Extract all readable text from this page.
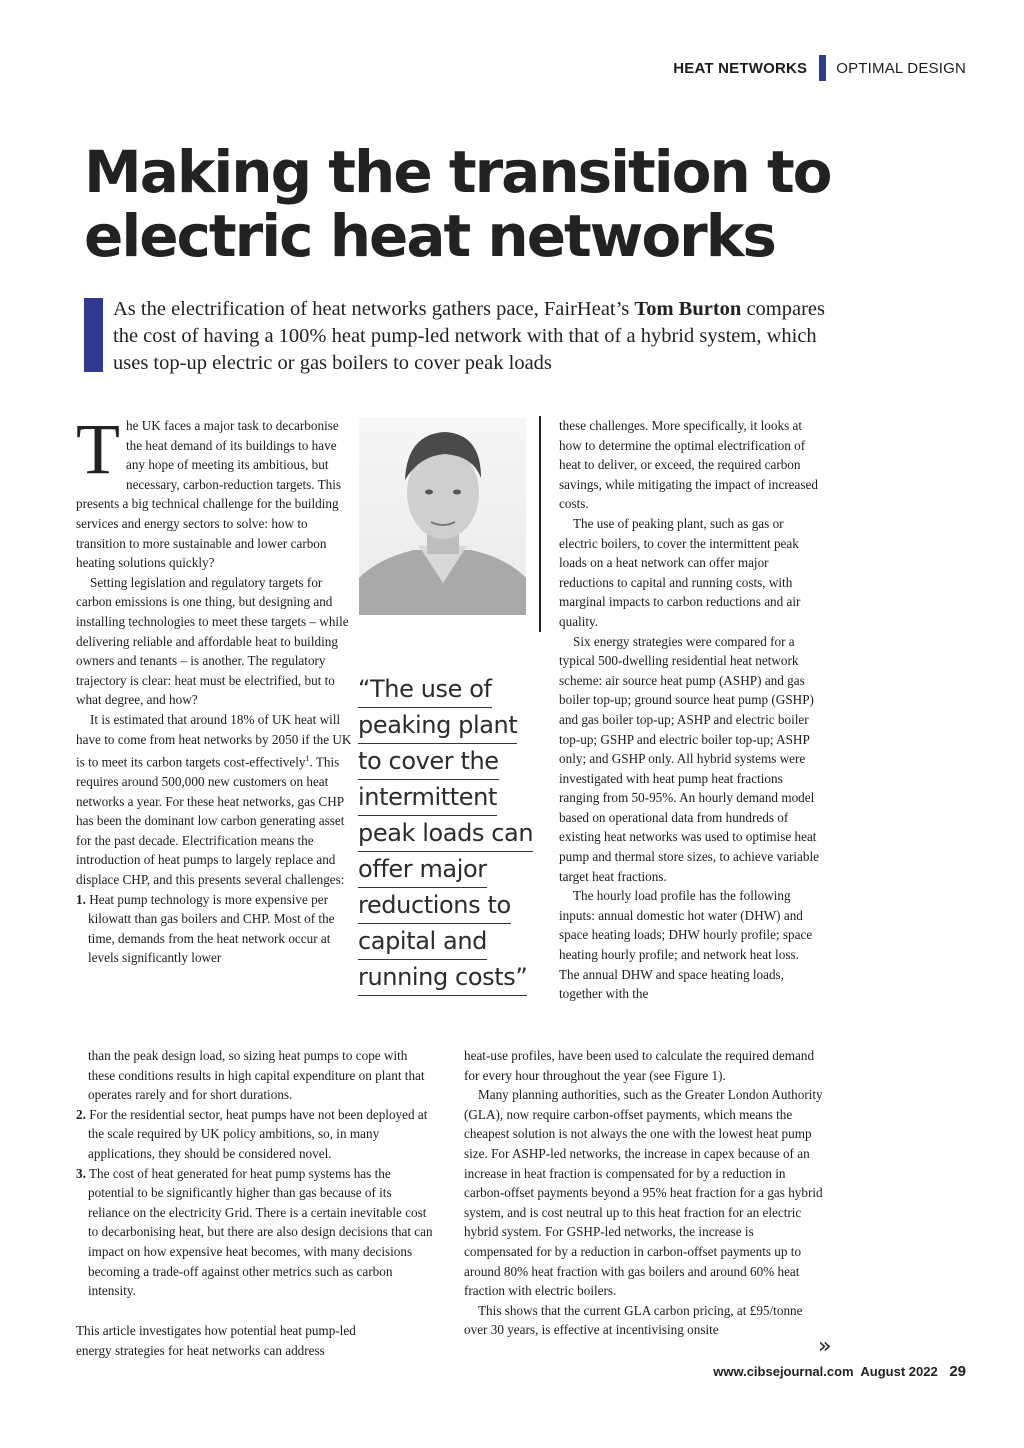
HEAT NETWORKS OPTIMAL DESIGN
Making the transition to
electric heat networks

As the electrification of heat networks gathers pace, FairHeat’s Tom Burton compares the cost of having a 100% heat pump-led network with that of a hybrid system, which uses top-up electric or gas boilers to cover peak loads

The UK faces a major task to decarbonise the heat demand of its buildings to have any hope of meeting its ambitious, but necessary, carbon-reduction targets. This presents a big technical challenge for the building services and energy sectors to solve: how to transition to more sustainable and lower carbon heating solutions quickly?

Setting legislation and regulatory targets for carbon emissions is one thing, but designing and installing technologies to meet these targets – while delivering reliable and affordable heat to building owners and tenants – is another. The regulatory trajectory is clear: heat must be electrified, but to what degree, and how?

It is estimated that around 18% of UK heat will have to come from heat networks by 2050 if the UK is to meet its carbon targets cost-effectively$^1$. This requires around 500,000 new customers on heat networks a year. For these heat networks, gas CHP has been the dominant low carbon generating asset for the past decade. Electrification means the introduction of heat pumps to largely replace and displace CHP, and this presents several challenges:

1. Heat pump technology is more expensive per kilowatt than gas boilers and CHP. Most of the time, demands from the heat network occur at levels significantly lower
than the peak design load, so sizing heat pumps to cope with these conditions results in high capital expenditure on plant that operates rarely and for short durations.
2. For the residential sector, heat pumps have not been deployed at the scale required by UK policy ambitions, so, in many applications, they should be considered novel.
3. The cost of heat generated for heat pump systems has the potential to be significantly higher than gas because of its reliance on the electricity Grid. There is a certain inevitable cost to decarbonising heat, but there are also design decisions that can impact on how expensive heat becomes, with many decisions becoming a trade-off against other metrics such as carbon intensity.

This article investigates how potential heat pump-led energy strategies for heat networks can address

“The use of
peaking plant
to cover the
intermittent
peak loads can
offer major
reductions to
capital and
running costs”

these challenges. More specifically, it looks at how to determine the optimal electrification of heat to deliver, or exceed, the required carbon savings, while mitigating the impact of increased costs.

The use of peaking plant, such as gas or electric boilers, to cover the intermittent peak loads on a heat network can offer major reductions to capital and running costs, with marginal impacts to carbon reductions and air quality.

Six energy strategies were compared for a typical 500-dwelling residential heat network scheme: air source heat pump (ASHP) and gas boiler top-up; ground source heat pump (GSHP) and gas boiler top-up; ASHP and electric boiler top-up; GSHP and electric boiler top-up; ASHP only; and GSHP only. All hybrid systems were investigated with heat pump heat fractions ranging from 50-95%. An hourly demand model based on operational data from hundreds of existing heat networks was used to optimise heat pump and thermal store sizes, to achieve variable target heat fractions.

The hourly load profile has the following inputs: annual domestic hot water (DHW) and space heating loads; DHW hourly profile; space heating hourly profile; and network heat loss. The annual DHW and space heating loads, together with the

heat-use profiles, have been used to calculate the required demand for every hour throughout the year (see Figure 1).

Many planning authorities, such as the Greater London Authority (GLA), now require carbon-offset payments, which means the cheapest solution is not always the one with the lowest heat pump size. For ASHP-led networks, the increase in capex because of an increase in heat fraction is compensated for by a reduction in carbon-offset payments beyond a 95% heat fraction for a gas hybrid system, and is cost neutral up to this heat fraction for an electric hybrid system. For GSHP-led networks, the increase is compensated for by a reduction in carbon-offset payments up to around 80% heat fraction with gas boilers and around 60% heat fraction with electric boilers.

This shows that the current GLA carbon pricing, at £95/tonne over 30 years, is effective at incentivising onsite

»
www.cibsejournal.com August 2022 29
